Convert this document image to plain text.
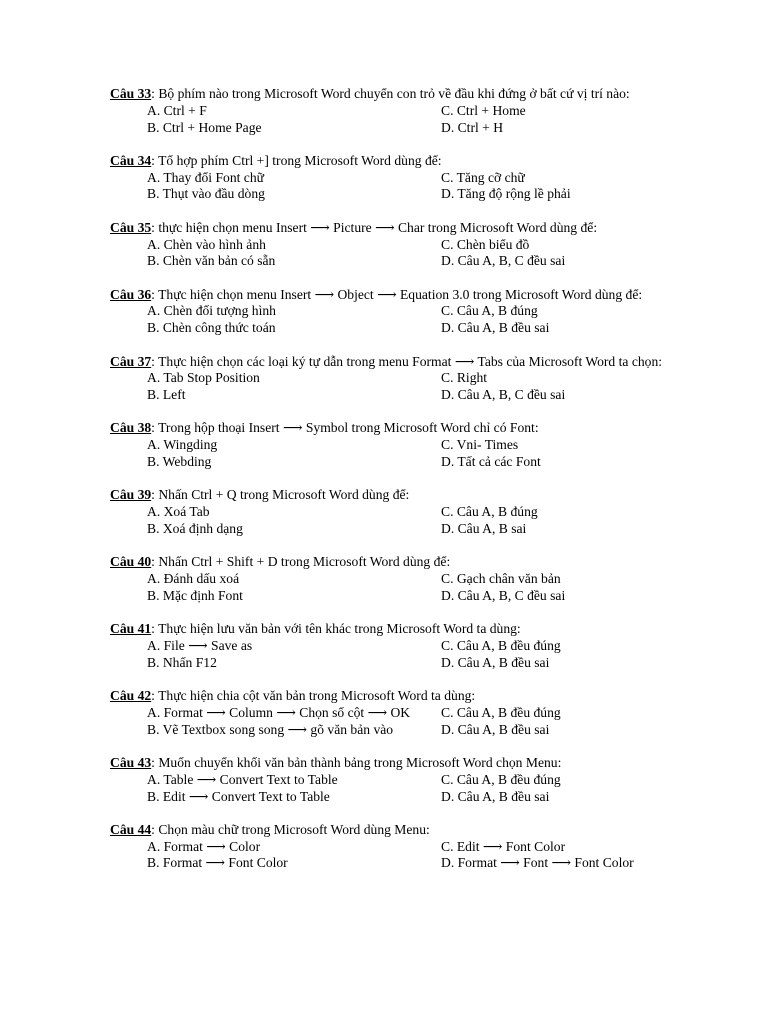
Câu 33: Bộ phím nào trong Microsoft Word chuyển con trỏ về đầu khi đứng ở bất cứ vị trí nào:
A. Ctrl + F	C. Ctrl + Home
B. Ctrl + Home Page	D. Ctrl + H
Câu 34: Tổ hợp phím Ctrl +] trong Microsoft Word dùng để:
A. Thay đổi Font chữ	C. Tăng cỡ chữ
B. Thụt vào đầu dòng	D. Tăng độ rộng lề phải
Câu 35: thực hiện chọn menu Insert ⟶ Picture ⟶ Char trong Microsoft Word dùng để:
A. Chèn vào hình ảnh	C. Chèn biểu đồ
B. Chèn văn bản có sẵn	D. Câu A, B, C đều sai
Câu 36: Thực hiện chọn menu Insert ⟶ Object ⟶ Equation 3.0 trong Microsoft Word dùng để:
A. Chèn đối tượng hình	C. Câu A, B đúng
B. Chèn công thức toán	D. Câu A, B đều sai
Câu 37: Thực hiện chọn các loại ký tự dẫn trong menu Format ⟶ Tabs của Microsoft Word ta chọn:
A. Tab Stop Position	C. Right
B. Left	D. Câu A, B, C đều sai
Câu 38: Trong hộp thoại Insert ⟶ Symbol trong Microsoft Word chỉ có Font:
A. Wingding	C. Vni- Times
B. Webding	D. Tất cả các Font
Câu 39: Nhấn Ctrl + Q trong Microsoft Word dùng để:
A. Xoá Tab	C. Câu A, B đúng
B. Xoá định dạng	D. Câu A, B sai
Câu 40: Nhấn Ctrl + Shift + D trong Microsoft Word dùng để:
A. Đánh dấu xoá	C. Gạch chân văn bản
B. Mặc định Font	D. Câu A, B, C đều sai
Câu 41: Thực hiện lưu văn bản với tên khác trong Microsoft Word ta dùng:
A. File ⟶ Save as	C. Câu A, B đều đúng
B. Nhấn F12	D. Câu A, B đều sai
Câu 42: Thực hiện chia cột văn bản trong Microsoft Word ta dùng:
A. Format ⟶ Column ⟶ Chọn số cột ⟶ OK	C. Câu A, B đều đúng
B. Vẽ Textbox song song ⟶ gõ văn bản vào	D. Câu A, B đều sai
Câu 43: Muốn chuyển khối văn bản thành bảng trong Microsoft Word chọn Menu:
A. Table ⟶ Convert Text to Table	C. Câu A, B đều đúng
B. Edit ⟶ Convert Text to Table	D. Câu A, B đều sai
Câu 44: Chọn màu chữ trong Microsoft Word dùng Menu:
A. Format ⟶ Color	C. Edit ⟶ Font Color
B. Format ⟶ Font Color	D. Format ⟶ Font ⟶ Font Color
